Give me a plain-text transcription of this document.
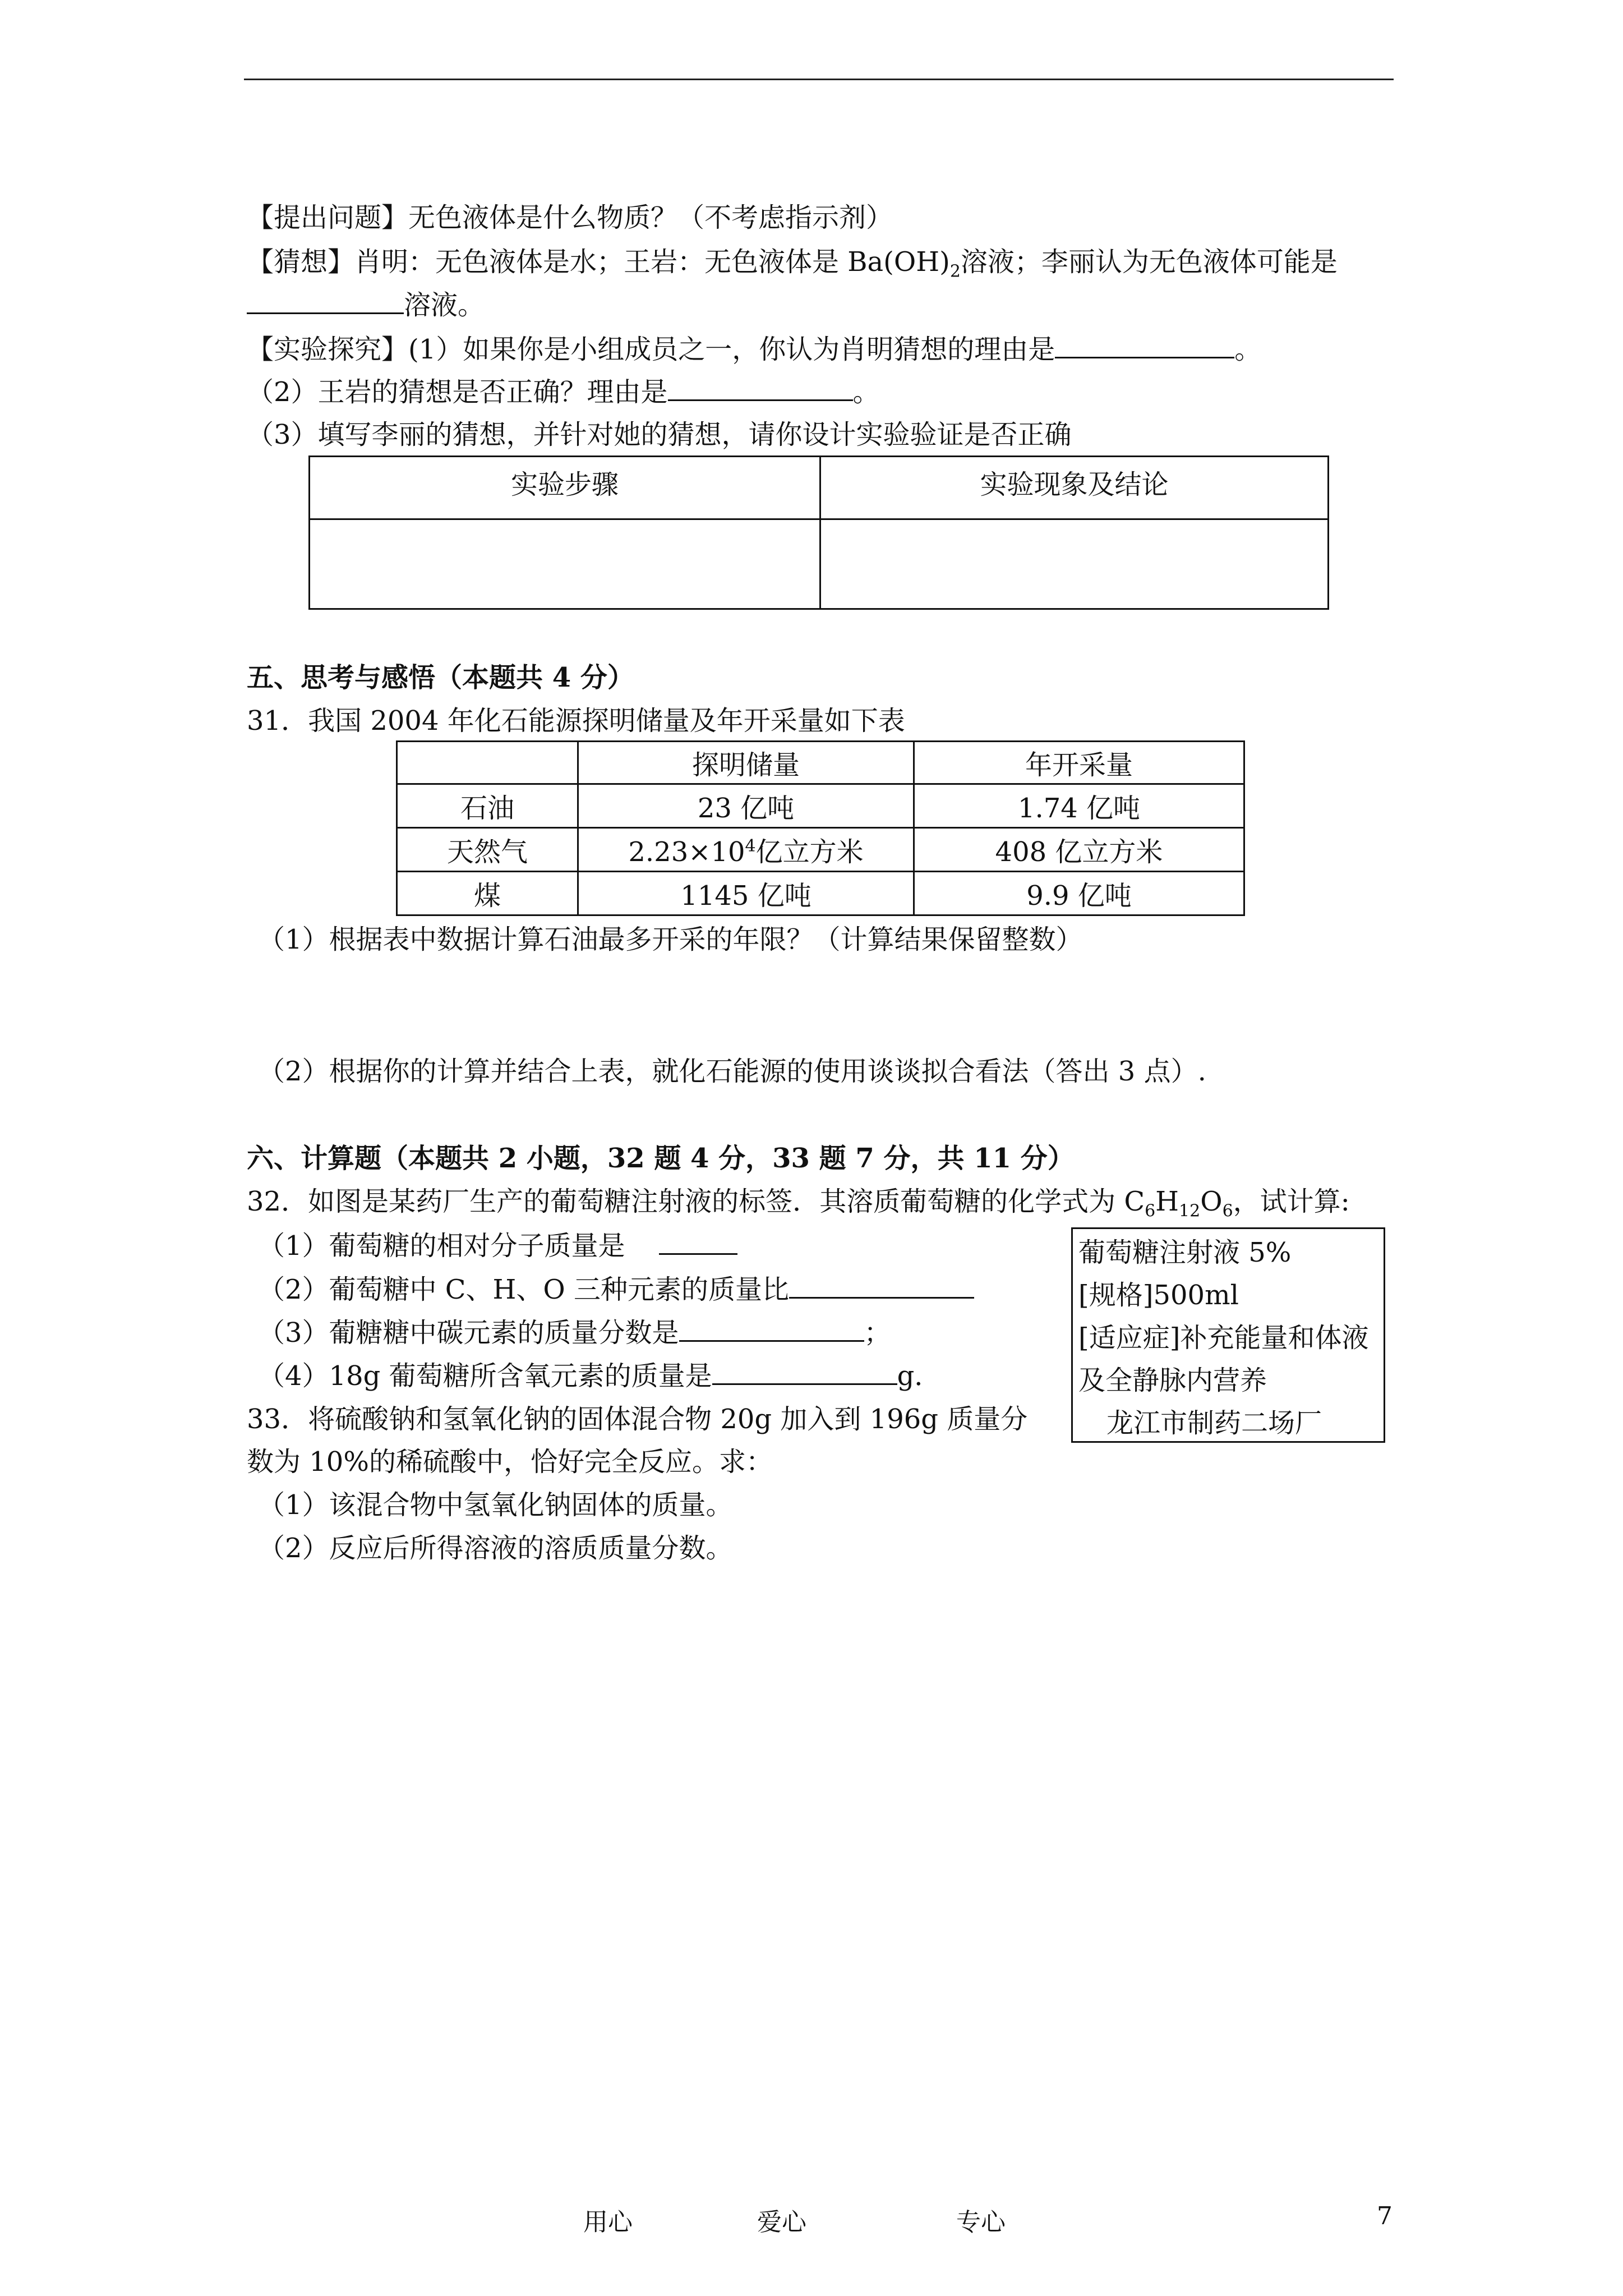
【提出问题】无色液体是什么物质？（不考虑指示剂）
【猜想】肖明：无色液体是水；王岩：无色液体是 $Ba(OH)_2$溶液；李丽认为无色液体可能是
溶液。
【实验探究】(1）如果你是小组成员之一，你认为肖明猜想的理由是	。
（2）王岩的猜想是否正确？理由是	。
（3）填写李丽的猜想，并针对她的猜想，请你设计实验验证是否正确
实验步骤	实验现象及结论

五、思考与感悟（本题共 4 分）
31．我国 2004 年化石能源探明储量及年开采量如下表
	探明储量	年开采量
石油	23 亿吨	1.74 亿吨
天然气	$2.23\times 10^4$亿立方米	408 亿立方米
煤	1145 亿吨	9.9 亿吨
（1）根据表中数据计算石油最多开采的年限？（计算结果保留整数）
（2）根据你的计算并结合上表，就化石能源的使用谈谈拟合看法（答出 3 点）.
六、计算题（本题共 2 小题，32 题 4 分，33 题 7 分，共 11 分）
32．如图是某药厂生产的葡萄糖注射液的标签．其溶质葡萄糖的化学式为 $C_6H_{12}O_6$，试计算:
（1）葡萄糖的相对分子质量是
（2）葡萄糖中 C、H、O 三种元素的质量比
（3）葡糖糖中碳元素的质量分数是	；
（4）18g 葡萄糖所含氧元素的质量是	g．
33．将硫酸钠和氢氧化钠的固体混合物 20g 加入到 196g 质量分
数为 10%的稀硫酸中，恰好完全反应。求：
（1）该混合物中氢氧化钠固体的质量。
（2）反应后所得溶液的溶质质量分数。
葡萄糖注射液 5%
[规格]500ml
[适应症]补充能量和体液
及全静脉内营养
龙江市制药二场厂
用心	爱心	专心	7
